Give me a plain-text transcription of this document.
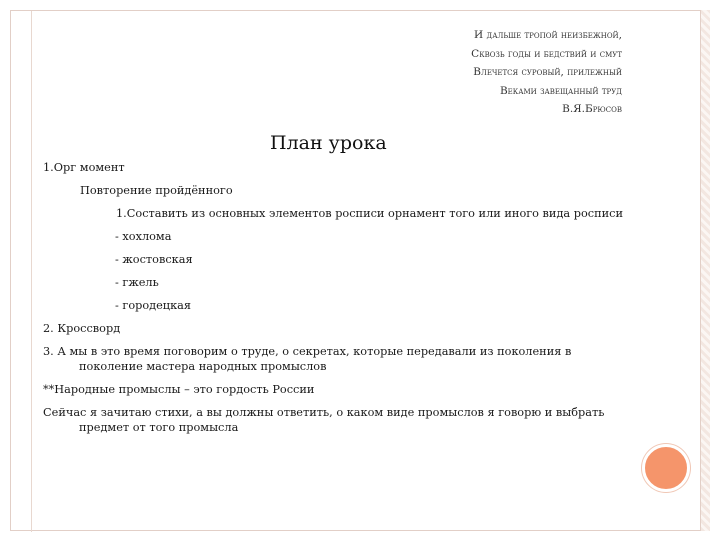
И дальше тропой неизбежной,
Сквозь годы и бедствий и смут
Влечется суровый, прилежный
Веками завещанный труд
В.Я.Брюсов
План урока
1.Орг момент
Повторение пройдённого
1.Составить из основных элементов росписи орнамент того или иного вида росписи
- хохлома
- жостовская
- гжель
- городецкая
2. Кроссворд
3. А мы в это время поговорим о труде, о секретах, которые передавали из поколения в поколение мастера народных промыслов
**Народные промыслы – это гордость России
Сейчас я зачитаю стихи, а вы должны ответить, о каком виде промыслов я говорю и выбрать предмет от того промысла
